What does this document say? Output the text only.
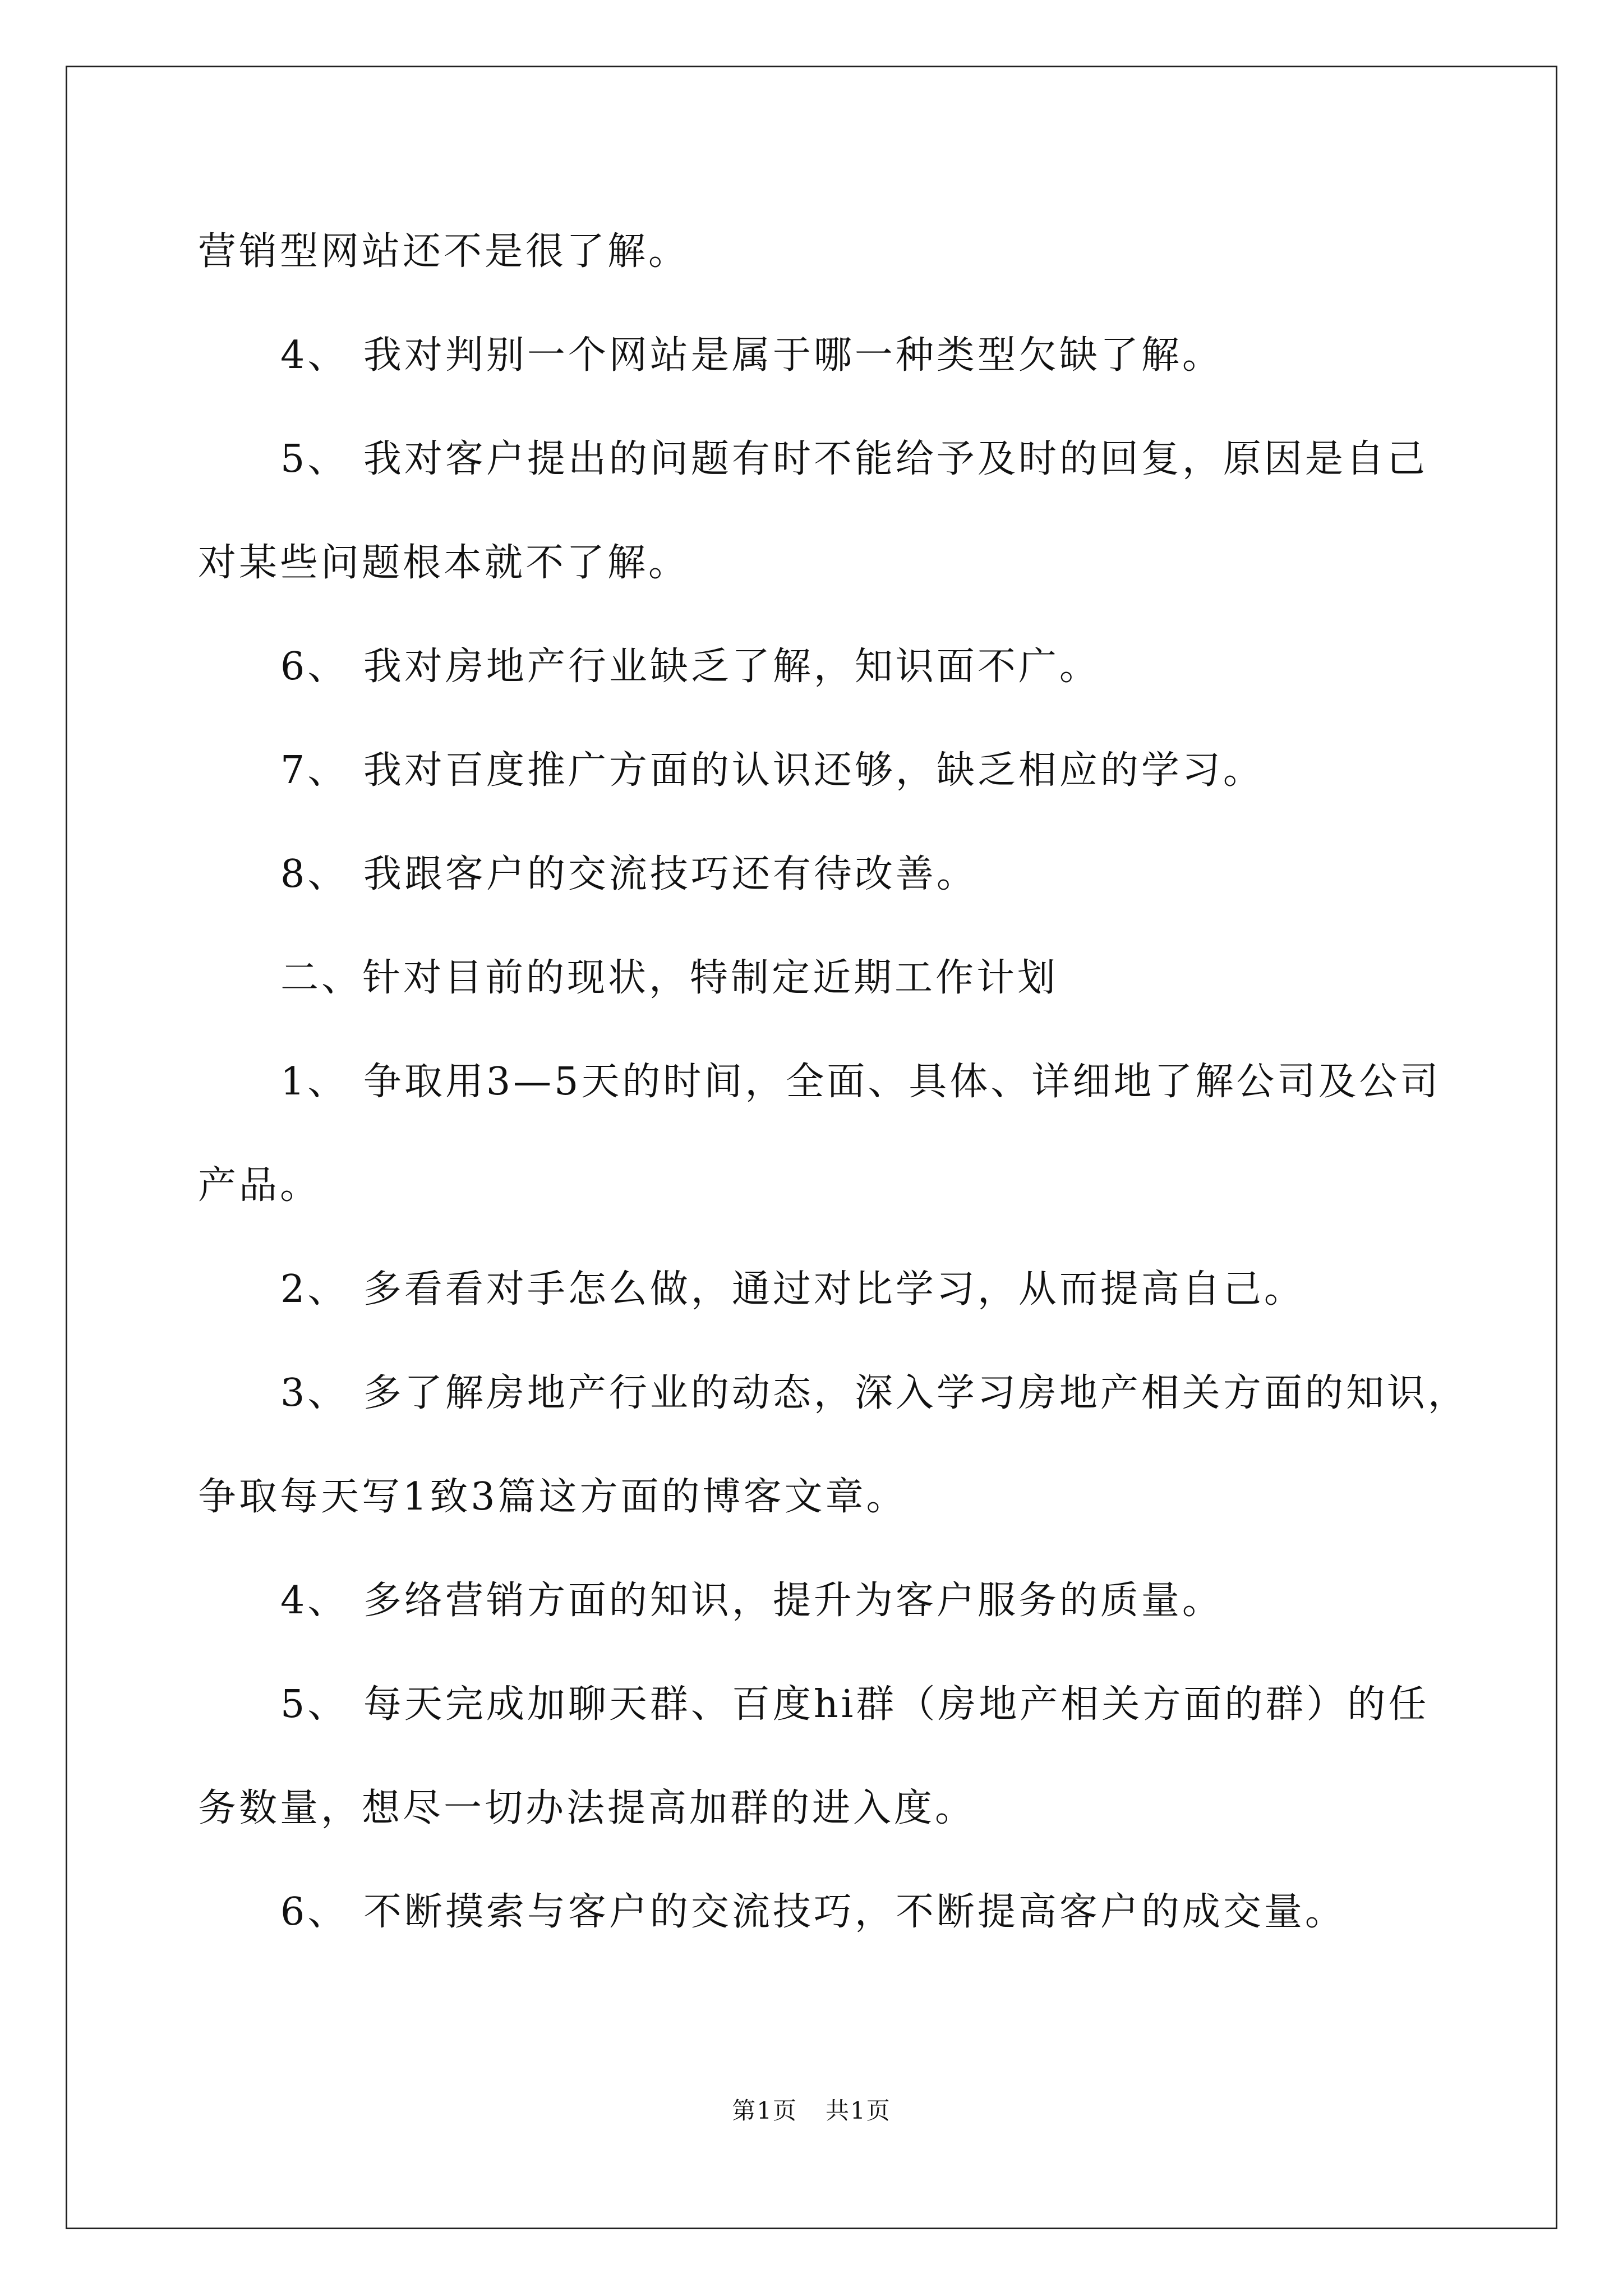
营销型网站还不是很了解。
4、 我对判别一个网站是属于哪一种类型欠缺了解。
5、 我对客户提出的问题有时不能给予及时的回复，原因是自己
对某些问题根本就不了解。
6、 我对房地产行业缺乏了解，知识面不广。
7、 我对百度推广方面的认识还够，缺乏相应的学习。
8、 我跟客户的交流技巧还有待改善。
二、针对目前的现状，特制定近期工作计划
1、 争取用3—5天的时间，全面、具体、详细地了解公司及公司
产品。
2、 多看看对手怎么做，通过对比学习，从而提高自己。
3、 多了解房地产行业的动态，深入学习房地产相关方面的知识，
争取每天写1致3篇这方面的博客文章。
4、 多络营销方面的知识，提升为客户服务的质量。
5、 每天完成加聊天群、百度hi群（房地产相关方面的群）的任
务数量，想尽一切办法提高加群的进入度。
6、 不断摸索与客户的交流技巧，不断提高客户的成交量。
第1页 共1页
